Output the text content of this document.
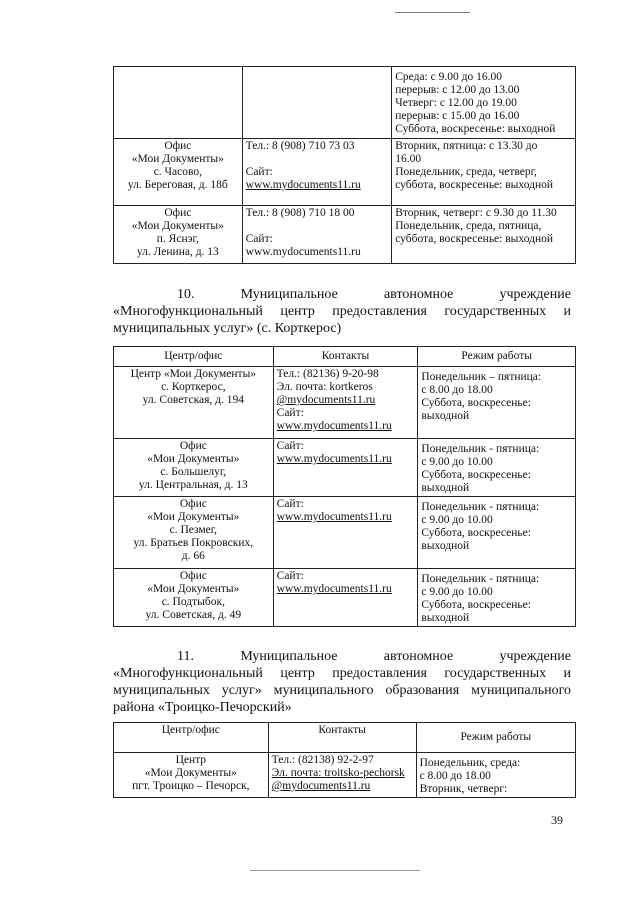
		Среда: с 9.00 до 16.00
перерыв: с 12.00 до 13.00
Четверг: с 12.00 до 19.00
перерыв: с 15.00 до 16.00
Суббота, воскресенье: выходной

Офис
«Мои Документы»
с. Часово,
ул. Береговая, д. 18б	Тел.: 8 (908) 710 73 03

Сайт:
www.mydocuments11.ru	Вторник, пятница: с 13.30 до
16.00
Понедельник, среда, четверг,
суббота, воскресенье: выходной

Офис
«Мои Документы»
п. Яснэг,
ул. Ленина, д. 13	Тел.: 8 (908) 710 18 00

Сайт:
www.mydocuments11.ru	Вторник, четверг: с 9.30 до 11.30
Понедельник, среда, пятница,
суббота, воскресенье: выходной
10.	Муниципальное	автономное	учреждение
«Многофункциональный центр предоставления государственных и
муниципальных услуг» (с. Корткерос)
Центр/офис	Контакты	Режим работы

Центр «Мои Документы»
с. Корткерос,
ул. Советская, д. 194	Тел.: (82136) 9-20-98
Эл. почта: kortkeros
@mydocuments11.ru
Сайт:
www.mydocuments11.ru	Понедельник – пятница:
с 8.00 до 18.00
Суббота, воскресенье:
выходной

Офис
«Мои Документы»
с. Большелуг,
ул. Центральная, д. 13	Сайт:
www.mydocuments11.ru	Понедельник - пятница:
с 9.00 до 10.00
Суббота, воскресенье:
выходной

Офис
«Мои Документы»
с. Пезмег,
ул. Братьев Покровских,
д. 66	Сайт:
www.mydocuments11.ru	Понедельник - пятница:
с 9.00 до 10.00
Суббота, воскресенье:
выходной

Офис
«Мои Документы»
с. Подтыбок,
ул. Советская, д. 49	Сайт:
www.mydocuments11.ru	Понедельник - пятница:
с 9.00 до 10.00
Суббота, воскресенье:
выходной
11.	Муниципальное	автономное	учреждение
«Многофункциональный центр предоставления государственных и
муниципальных услуг» муниципального образования муниципального
района «Троицко-Печорский»
Центр/офис	Контакты	Режим работы

Центр
«Мои Документы»
пгт. Троицко – Печорск,	Тел.: (82138) 92-2-97
Эл. почта: troitsko-pechorsk
@mydocuments11.ru	Понедельник, среда:
с 8.00 до 18.00
Вторник, четверг:
39
